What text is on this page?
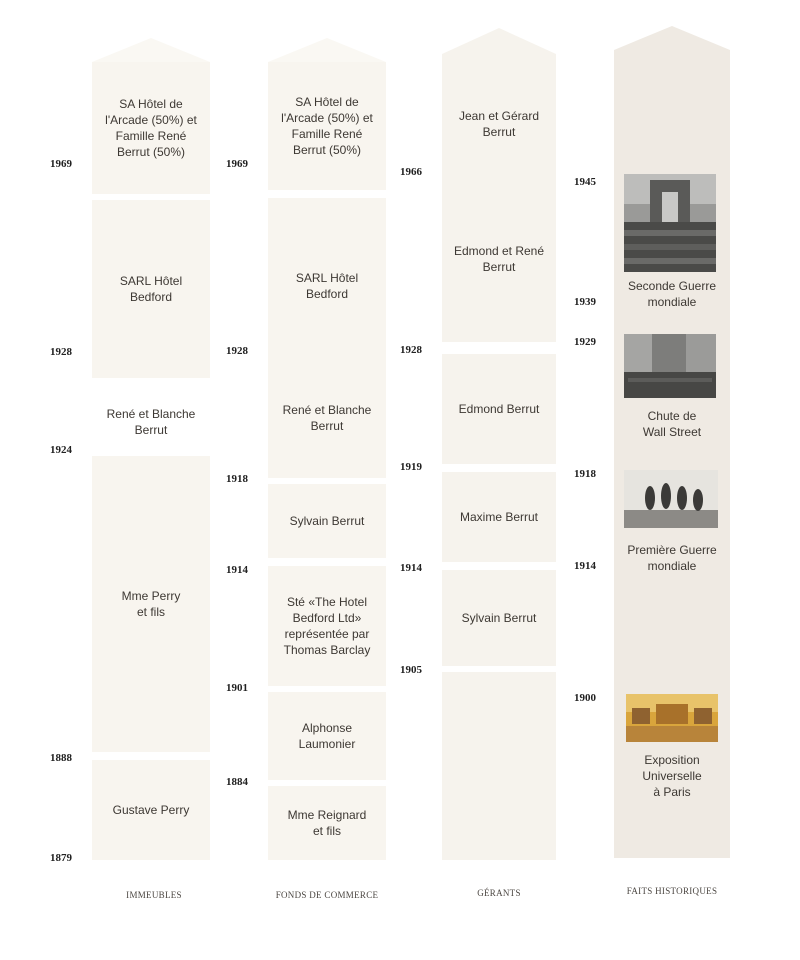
SA Hôtel de
l'Arcade (50%) et
Famille René
Berrut (50%)
SARL Hôtel
Bedford
René et Blanche
Berrut
Mme Perry
et fils
Gustave Perry
1969
1928
1924
1888
1879
SA Hôtel de
l'Arcade (50%) et
Famille René
Berrut (50%)
SARL Hôtel
Bedford
René et Blanche
Berrut
Sylvain Berrut
Sté «The Hotel
Bedford Ltd»
représentée par
Thomas Barclay
Alphonse
Laumonier
Mme Reignard
et fils
1969
1928
1918
1914
1901
1884
Jean et Gérard
Berrut
Edmond et René
Berrut
Edmond Berrut
Maxime Berrut
Sylvain Berrut
1966
1928
1919
1914
1905
Seconde Guerre
mondiale
Chute de
Wall Street
Première Guerre
mondiale
Exposition
Universelle
à Paris
1945
1939
1929
1918
1914
1900
IMMEUBLES	FONDS DE COMMERCE	GÉRANTS	FAITS HISTORIQUES
